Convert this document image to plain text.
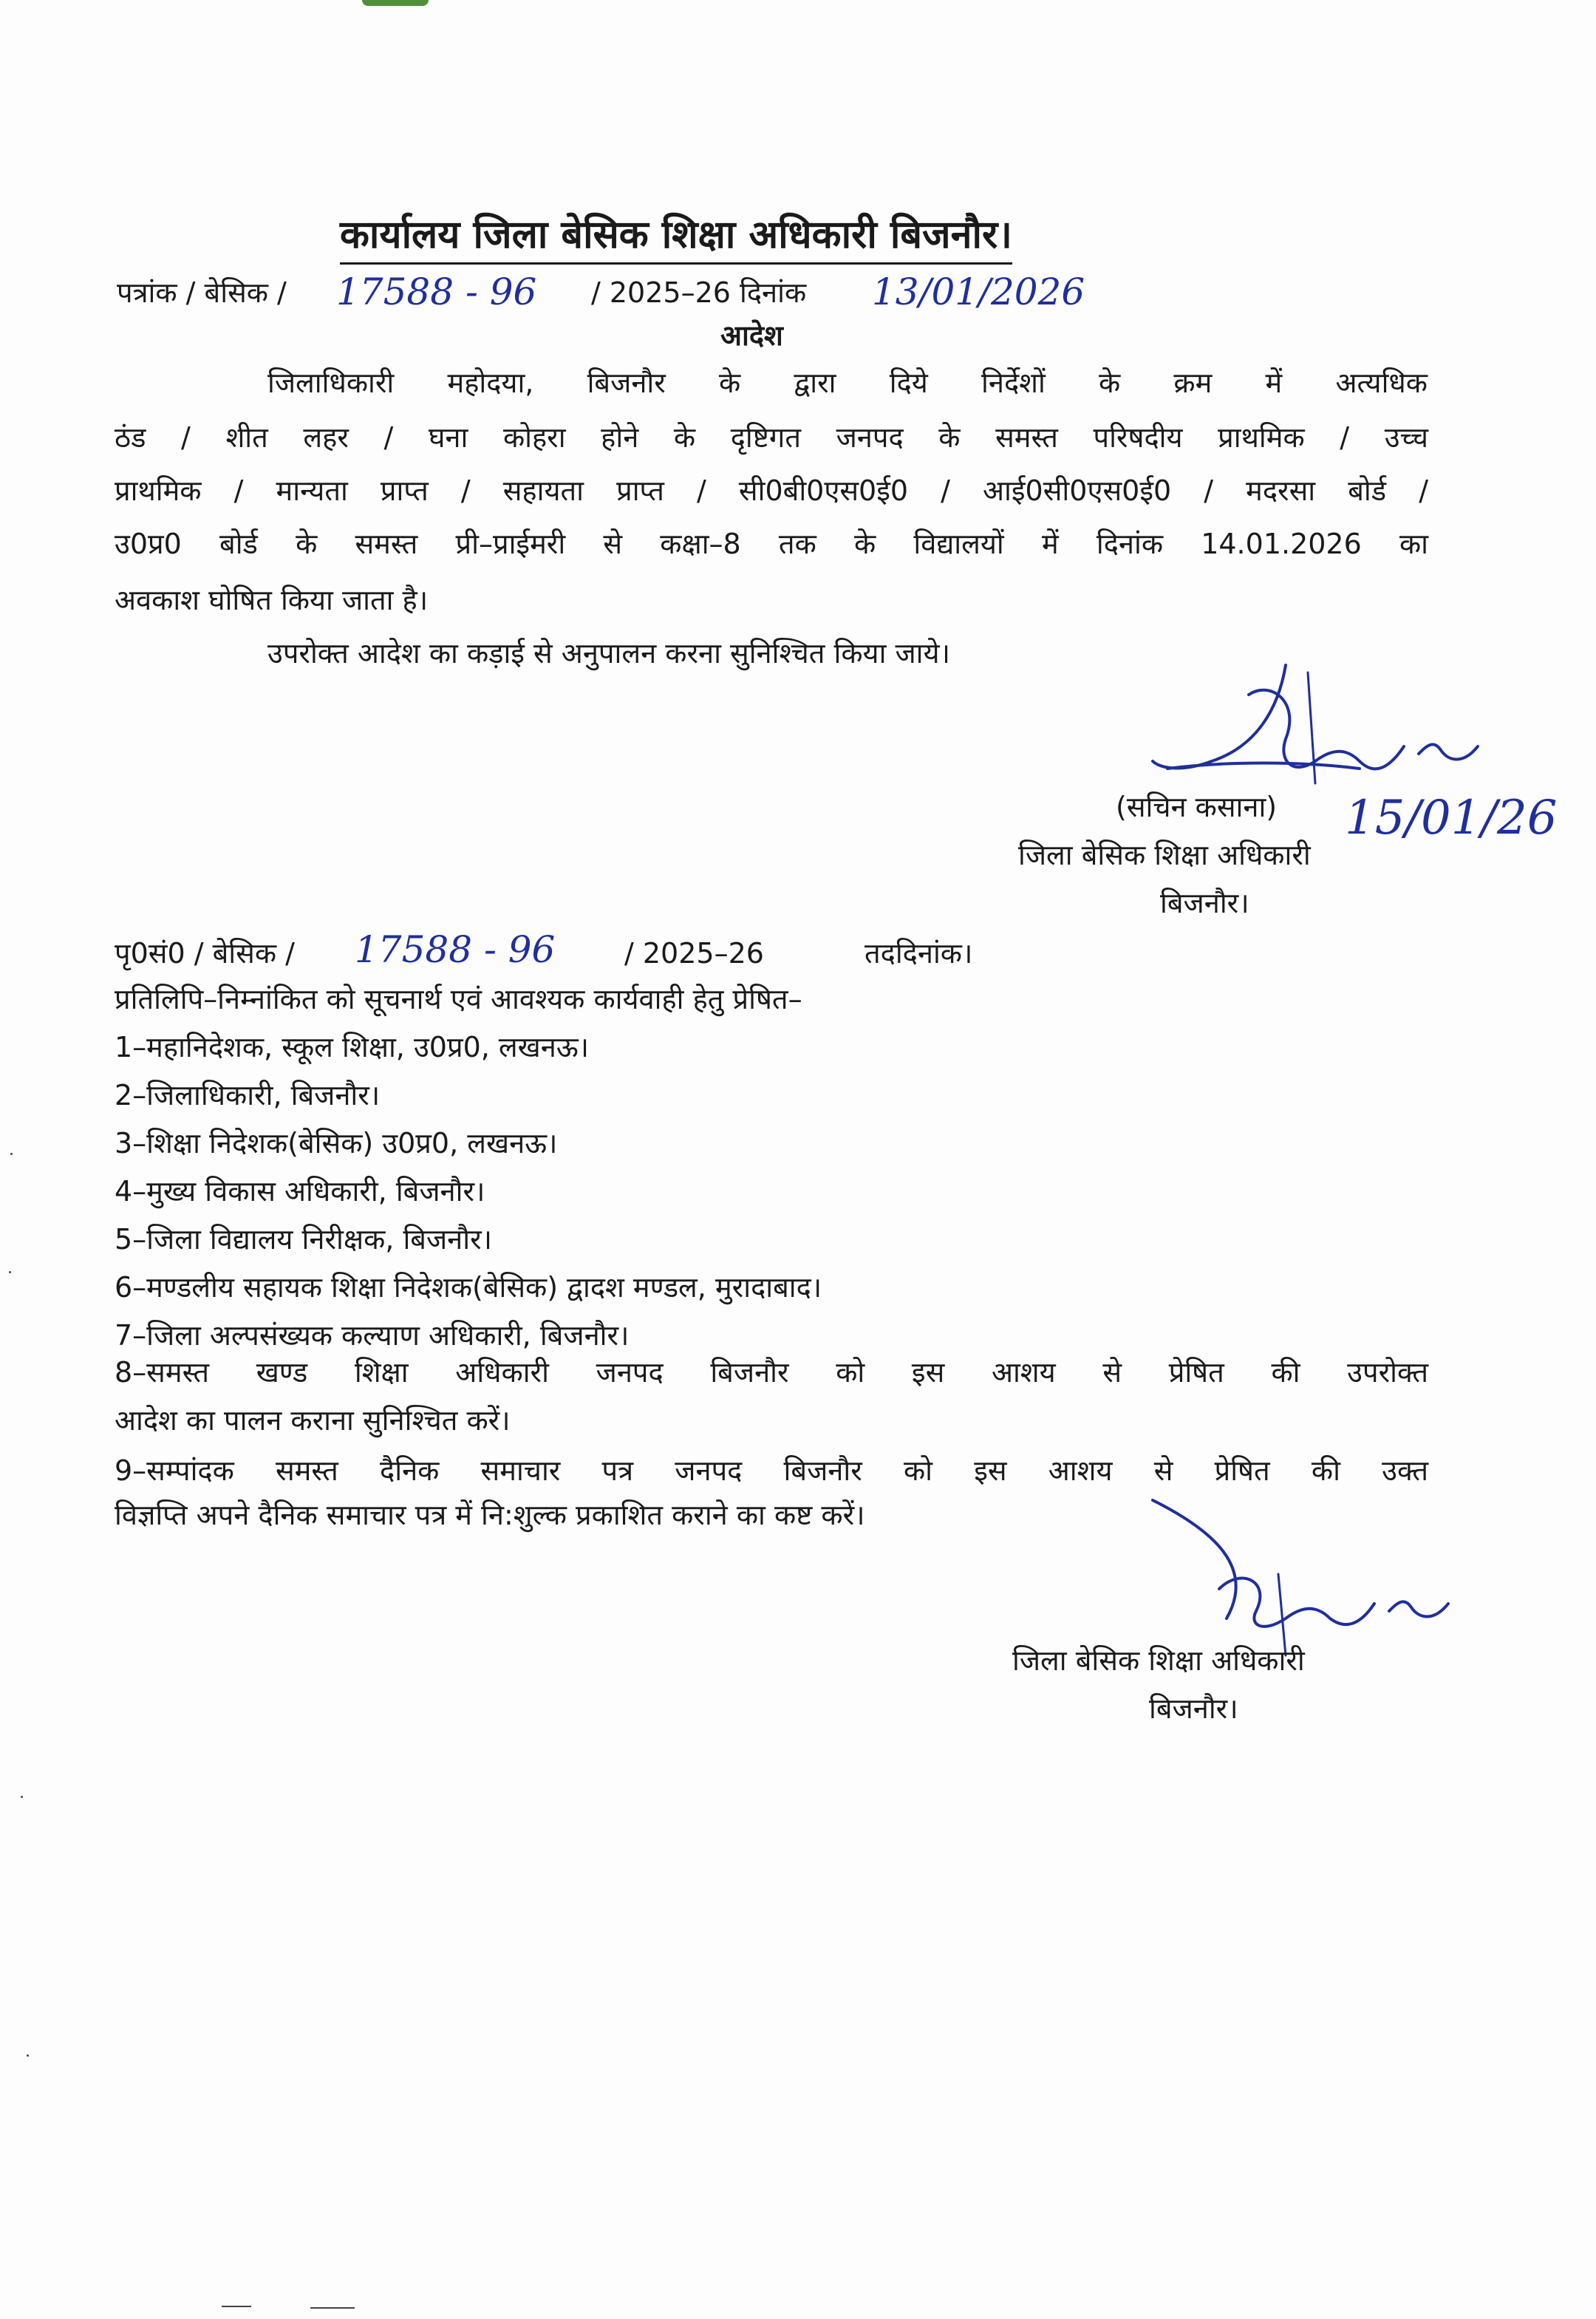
कार्यालय जिला बेसिक शिक्षा अधिकारी बिजनौर।
पत्रांक / बेसिक / 17588 - 96 / 2025–26 दिनांक 13/01/2026
आदेश
जिलाधिकारी महोदया, बिजनौर के द्वारा दिये निर्देशों के क्रम में अत्यधिक
ठंड / शीत लहर / घना कोहरा होने के दृष्टिगत जनपद के समस्त परिषदीय प्राथमिक / उच्च
प्राथमिक / मान्यता प्राप्त / सहायता प्राप्त / सी0बी0एस0ई0 / आई0सी0एस0ई0 / मदरसा बोर्ड /
उ0प्र0 बोर्ड के समस्त प्री–प्राईमरी से कक्षा–8 तक के विद्यालयों में दिनांक 14.01.2026 का
अवकाश घोषित किया जाता है।
उपरोक्त आदेश का कड़ाई से अनुपालन करना सुनिश्चित किया जाये।
(सचिन कसाना) 15/01/26
जिला बेसिक शिक्षा अधिकारी
बिजनौर।
पृ0सं0 / बेसिक / 17588 - 96 / 2025–26	तददिनांक।
प्रतिलिपि–निम्नांकित को सूचनार्थ एवं आवश्यक कार्यवाही हेतु प्रेषित–
1–महानिदेशक, स्कूल शिक्षा, उ0प्र0, लखनऊ।
2–जिलाधिकारी, बिजनौर।
3–शिक्षा निदेशक(बेसिक) उ0प्र0, लखनऊ।
4–मुख्य विकास अधिकारी, बिजनौर।
5–जिला विद्यालय निरीक्षक, बिजनौर।
6–मण्डलीय सहायक शिक्षा निदेशक(बेसिक) द्वादश मण्डल, मुरादाबाद।
7–जिला अल्पसंख्यक कल्याण अधिकारी, बिजनौर।
8–समस्त खण्ड शिक्षा अधिकारी जनपद बिजनौर को इस आशय से प्रेषित की उपरोक्त
आदेश का पालन कराना सुनिश्चित करें।
9–सम्पांदक समस्त दैनिक समाचार पत्र जनपद बिजनौर को इस आशय से प्रेषित की उक्त
विज्ञप्ति अपने दैनिक समाचार पत्र में नि:शुल्क प्रकाशित कराने का कष्ट करें।
जिला बेसिक शिक्षा अधिकारी
बिजनौर।
